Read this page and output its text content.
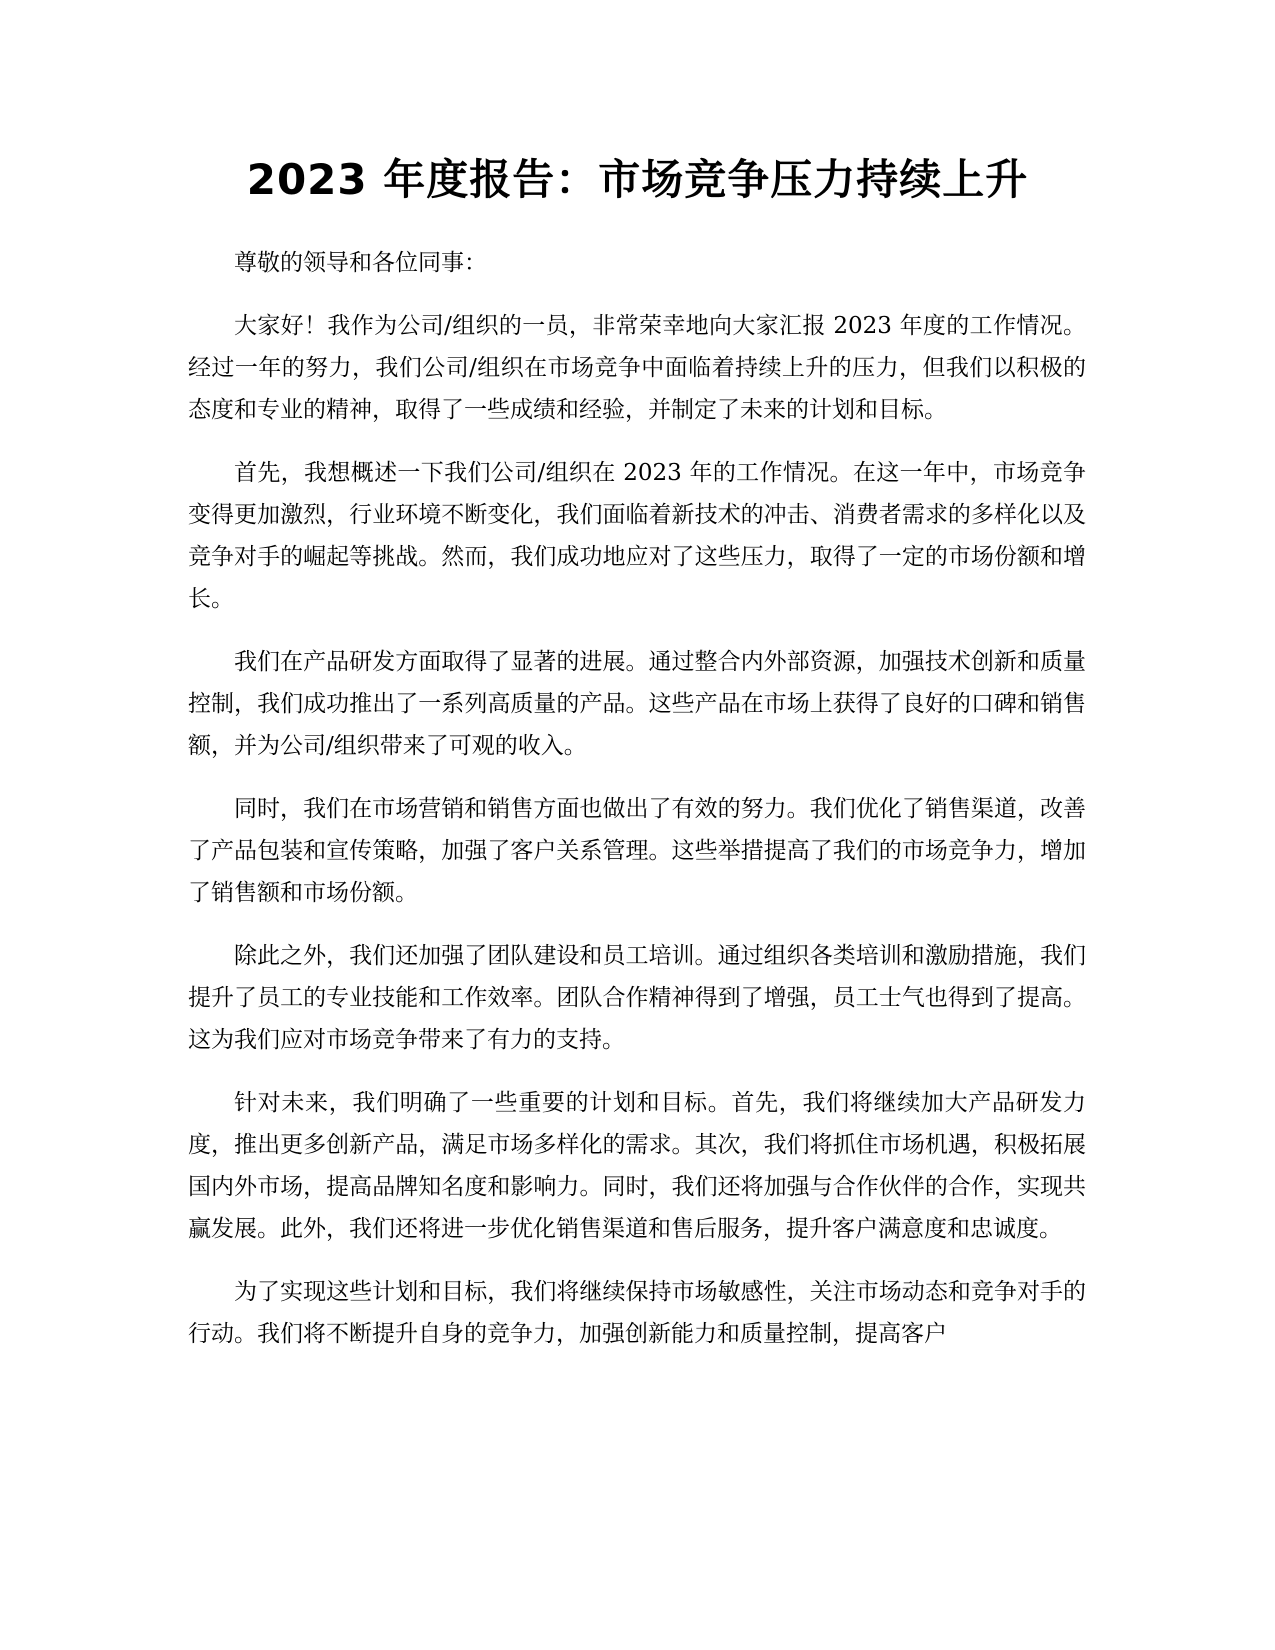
2023 年度报告：市场竞争压力持续上升

尊敬的领导和各位同事：

大家好！我作为公司/组织的一员，非常荣幸地向大家汇报 2023 年度的工作情况。经过一年的努力，我们公司/组织在市场竞争中面临着持续上升的压力，但我们以积极的态度和专业的精神，取得了一些成绩和经验，并制定了未来的计划和目标。

首先，我想概述一下我们公司/组织在 2023 年的工作情况。在这一年中，市场竞争变得更加激烈，行业环境不断变化，我们面临着新技术的冲击、消费者需求的多样化以及竞争对手的崛起等挑战。然而，我们成功地应对了这些压力，取得了一定的市场份额和增长。

我们在产品研发方面取得了显著的进展。通过整合内外部资源，加强技术创新和质量控制，我们成功推出了一系列高质量的产品。这些产品在市场上获得了良好的口碑和销售额，并为公司/组织带来了可观的收入。

同时，我们在市场营销和销售方面也做出了有效的努力。我们优化了销售渠道，改善了产品包装和宣传策略，加强了客户关系管理。这些举措提高了我们的市场竞争力，增加了销售额和市场份额。

除此之外，我们还加强了团队建设和员工培训。通过组织各类培训和激励措施，我们提升了员工的专业技能和工作效率。团队合作精神得到了增强，员工士气也得到了提高。这为我们应对市场竞争带来了有力的支持。

针对未来，我们明确了一些重要的计划和目标。首先，我们将继续加大产品研发力度，推出更多创新产品，满足市场多样化的需求。其次，我们将抓住市场机遇，积极拓展国内外市场，提高品牌知名度和影响力。同时，我们还将加强与合作伙伴的合作，实现共赢发展。此外，我们还将进一步优化销售渠道和售后服务，提升客户满意度和忠诚度。

为了实现这些计划和目标，我们将继续保持市场敏感性，关注市场动态和竞争对手的行动。我们将不断提升自身的竞争力，加强创新能力和质量控制，提高客户
